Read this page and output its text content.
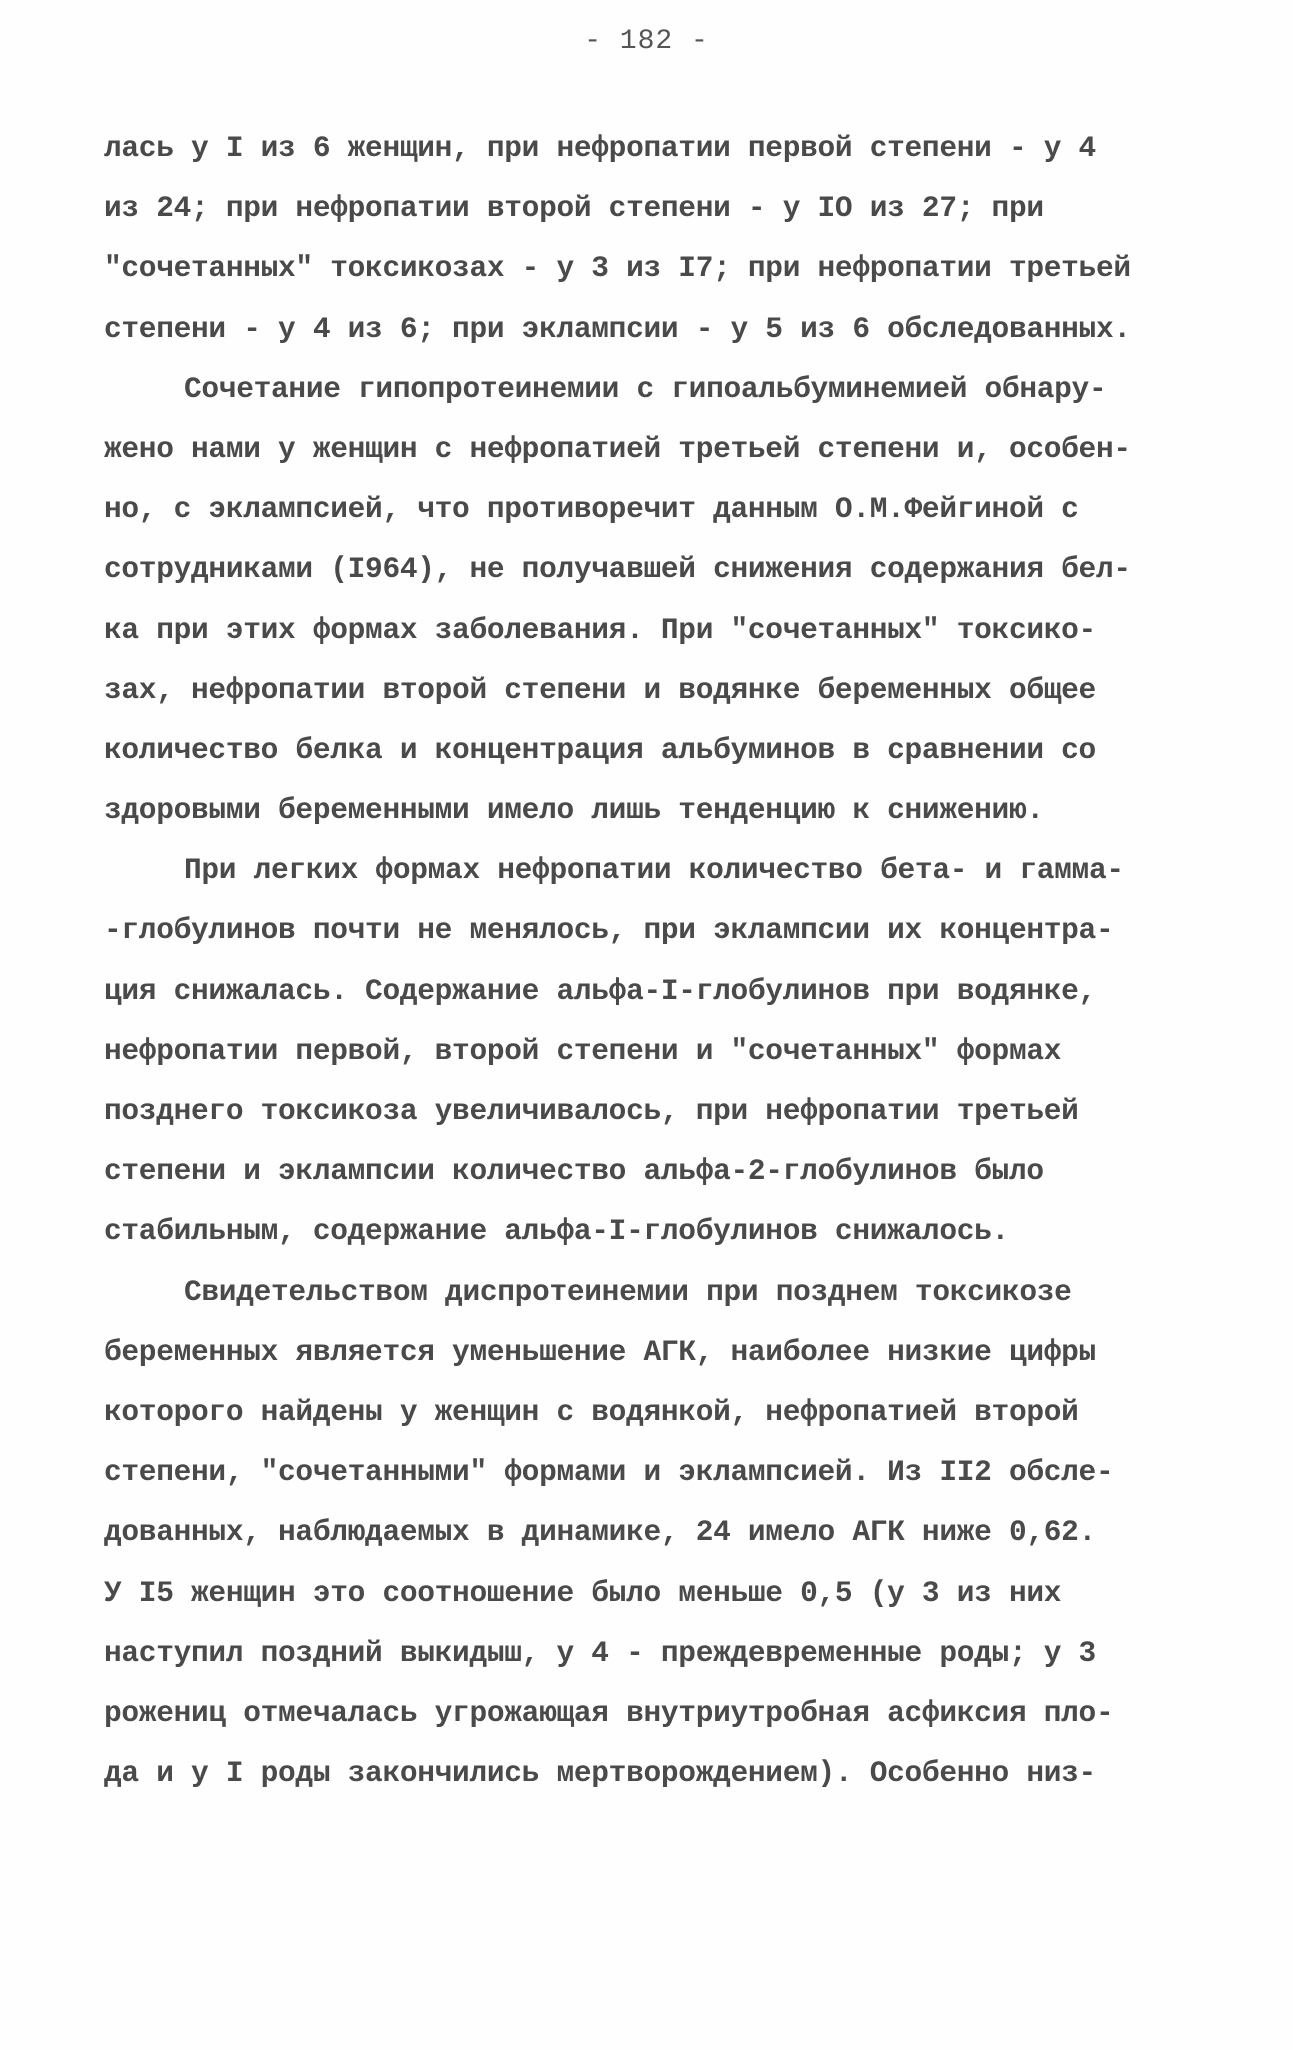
- 182 -
лась у I из 6 женщин, при нефропатии первой степени - у 4
из 24; при нефропатии второй степени - у IO из 27; при
"сочетанных" токсикозах - у 3 из I7; при нефропатии третьей
степени - у 4 из 6; при эклампсии - у 5 из 6 обследованных.
Сочетание гипопротеинемии с гипоальбуминемией обнару-
жено нами у женщин с нефропатией третьей степени и, особен-
но, с эклампсией, что противоречит данным О.М.Фейгиной с
сотрудниками (I964), не получавшей снижения содержания бел-
ка при этих формах заболевания. При "сочетанных" токсико-
зах, нефропатии второй степени и водянке беременных общее
количество белка и концентрация альбуминов в сравнении со
здоровыми беременными имело лишь тенденцию к снижению.
При легких формах нефропатии количество бета- и гамма-
-глобулинов почти не менялось, при эклампсии их концентра-
ция снижалась. Содержание альфа-I-глобулинов при водянке,
нефропатии первой, второй степени и "сочетанных" формах
позднего токсикоза увеличивалось, при нефропатии третьей
степени и эклампсии количество альфа-2-глобулинов было
стабильным, содержание альфа-I-глобулинов снижалось.
Свидетельством диспротеинемии при позднем токсикозе
беременных является уменьшение АГК, наиболее низкие цифры
которого найдены у женщин с водянкой, нефропатией второй
степени, "сочетанными" формами и эклампсией. Из II2 обсле-
дованных, наблюдаемых в динамике, 24 имело АГК ниже 0,62.
У I5 женщин это соотношение было меньше 0,5 (у 3 из них
наступил поздний выкидыш, у 4 - преждевременные роды; у 3
рожениц отмечалась угрожающая внутриутробная асфиксия пло-
да и у I роды закончились мертворождением). Особенно низ-
